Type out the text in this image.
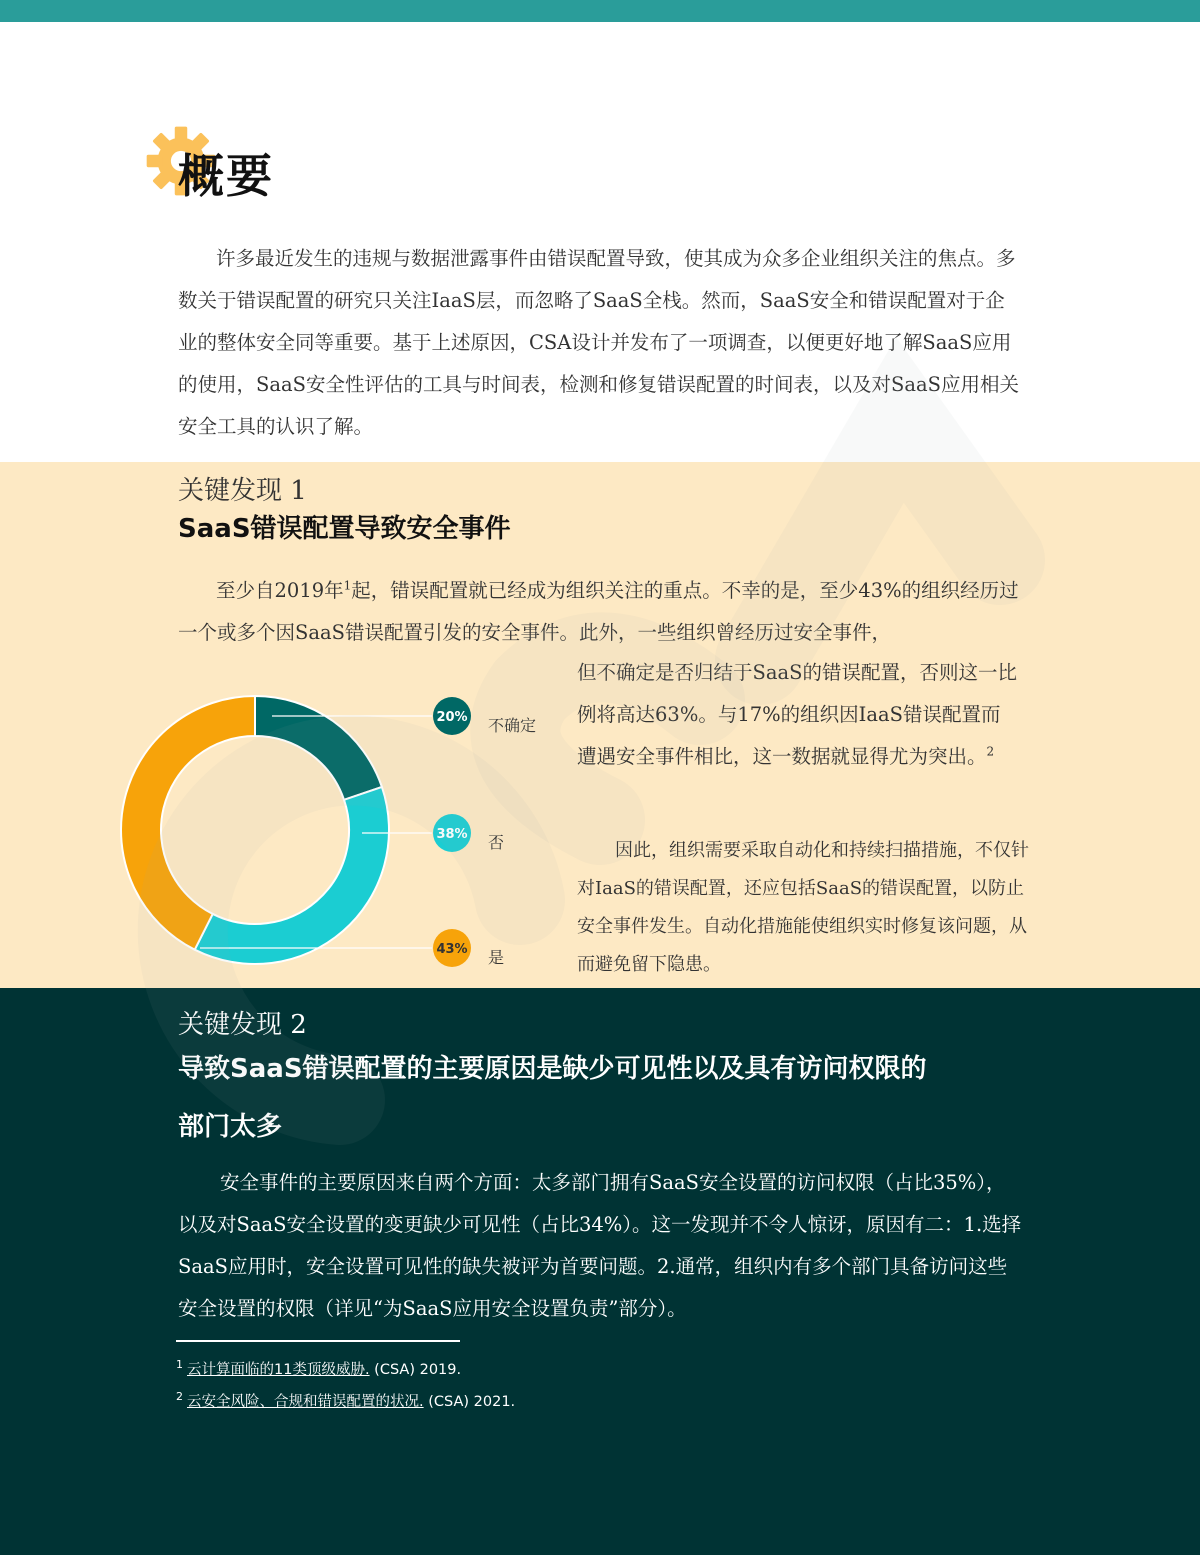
概要

许多最近发生的违规与数据泄露事件由错误配置导致，使其成为众多企业组织关注的焦点。多数关于错误配置的研究只关注IaaS层，而忽略了SaaS全栈。然而，SaaS安全和错误配置对于企业的整体安全同等重要。基于上述原因，CSA设计并发布了一项调查，以便更好地了解SaaS应用的使用，SaaS安全性评估的工具与时间表，检测和修复错误配置的时间表，以及对SaaS应用相关安全工具的认识了解。

关键发现 1

SaaS错误配置导致安全事件

至少自2019年$^1$起，错误配置就已经成为组织关注的重点。不幸的是，至少43%的组织经历过一个或多个因SaaS错误配置引发的安全事件。此外，一些组织曾经历过安全事件，

但不确定是否归结于SaaS的错误配置，否则这一比例将高达63%。与17%的组织因IaaS错误配置而遭遇安全事件相比，这一数据就显得尤为突出。$^2$

因此，组织需要采取自动化和持续扫描措施，不仅针对IaaS的错误配置，还应包括SaaS的错误配置，以防止安全事件发生。自动化措施能使组织实时修复该问题，从而避免留下隐患。

20% 不确定
38% 否
43% 是

关键发现 2

导致SaaS错误配置的主要原因是缺少可见性以及具有访问权限的
部门太多

安全事件的主要原因来自两个方面：太多部门拥有SaaS安全设置的访问权限（占比35%），以及对SaaS安全设置的变更缺少可见性（占比34%）。这一发现并不令人惊讶，原因有二：1.选择SaaS应用时，安全设置可见性的缺失被评为首要问题。2.通常，组织内有多个部门具备访问这些安全设置的权限（详见“为SaaS应用安全设置负责”部分）。

$^1$ 云计算面临的11类顶级威胁. (CSA) 2019.

$^2$ 云安全风险、合规和错误配置的状况. (CSA) 2021.
